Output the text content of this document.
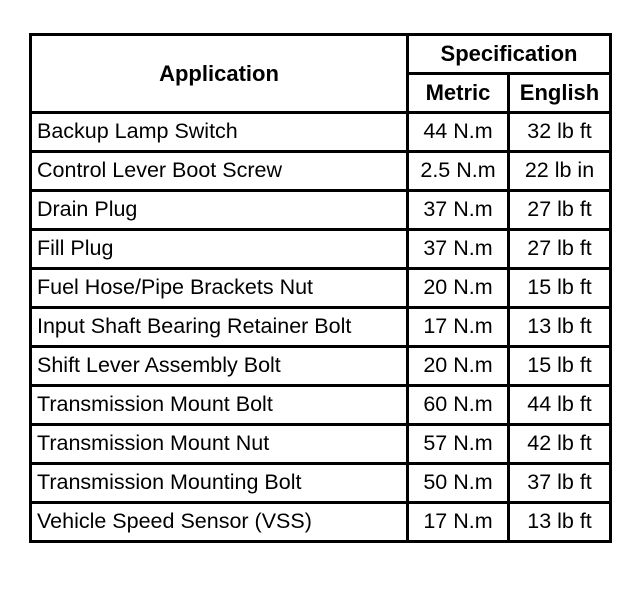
Application	Specification	
	Metric	English
Backup Lamp Switch	44 N.m	32 lb ft
Control Lever Boot Screw	2.5 N.m	22 lb in
Drain Plug	37 N.m	27 lb ft
Fill Plug	37 N.m	27 lb ft
Fuel Hose/Pipe Brackets Nut	20 N.m	15 lb ft
Input Shaft Bearing Retainer Bolt	17 N.m	13 lb ft
Shift Lever Assembly Bolt	20 N.m	15 lb ft
Transmission Mount Bolt	60 N.m	44 lb ft
Transmission Mount Nut	57 N.m	42 lb ft
Transmission Mounting Bolt	50 N.m	37 lb ft
Vehicle Speed Sensor (VSS)	17 N.m	13 lb ft
